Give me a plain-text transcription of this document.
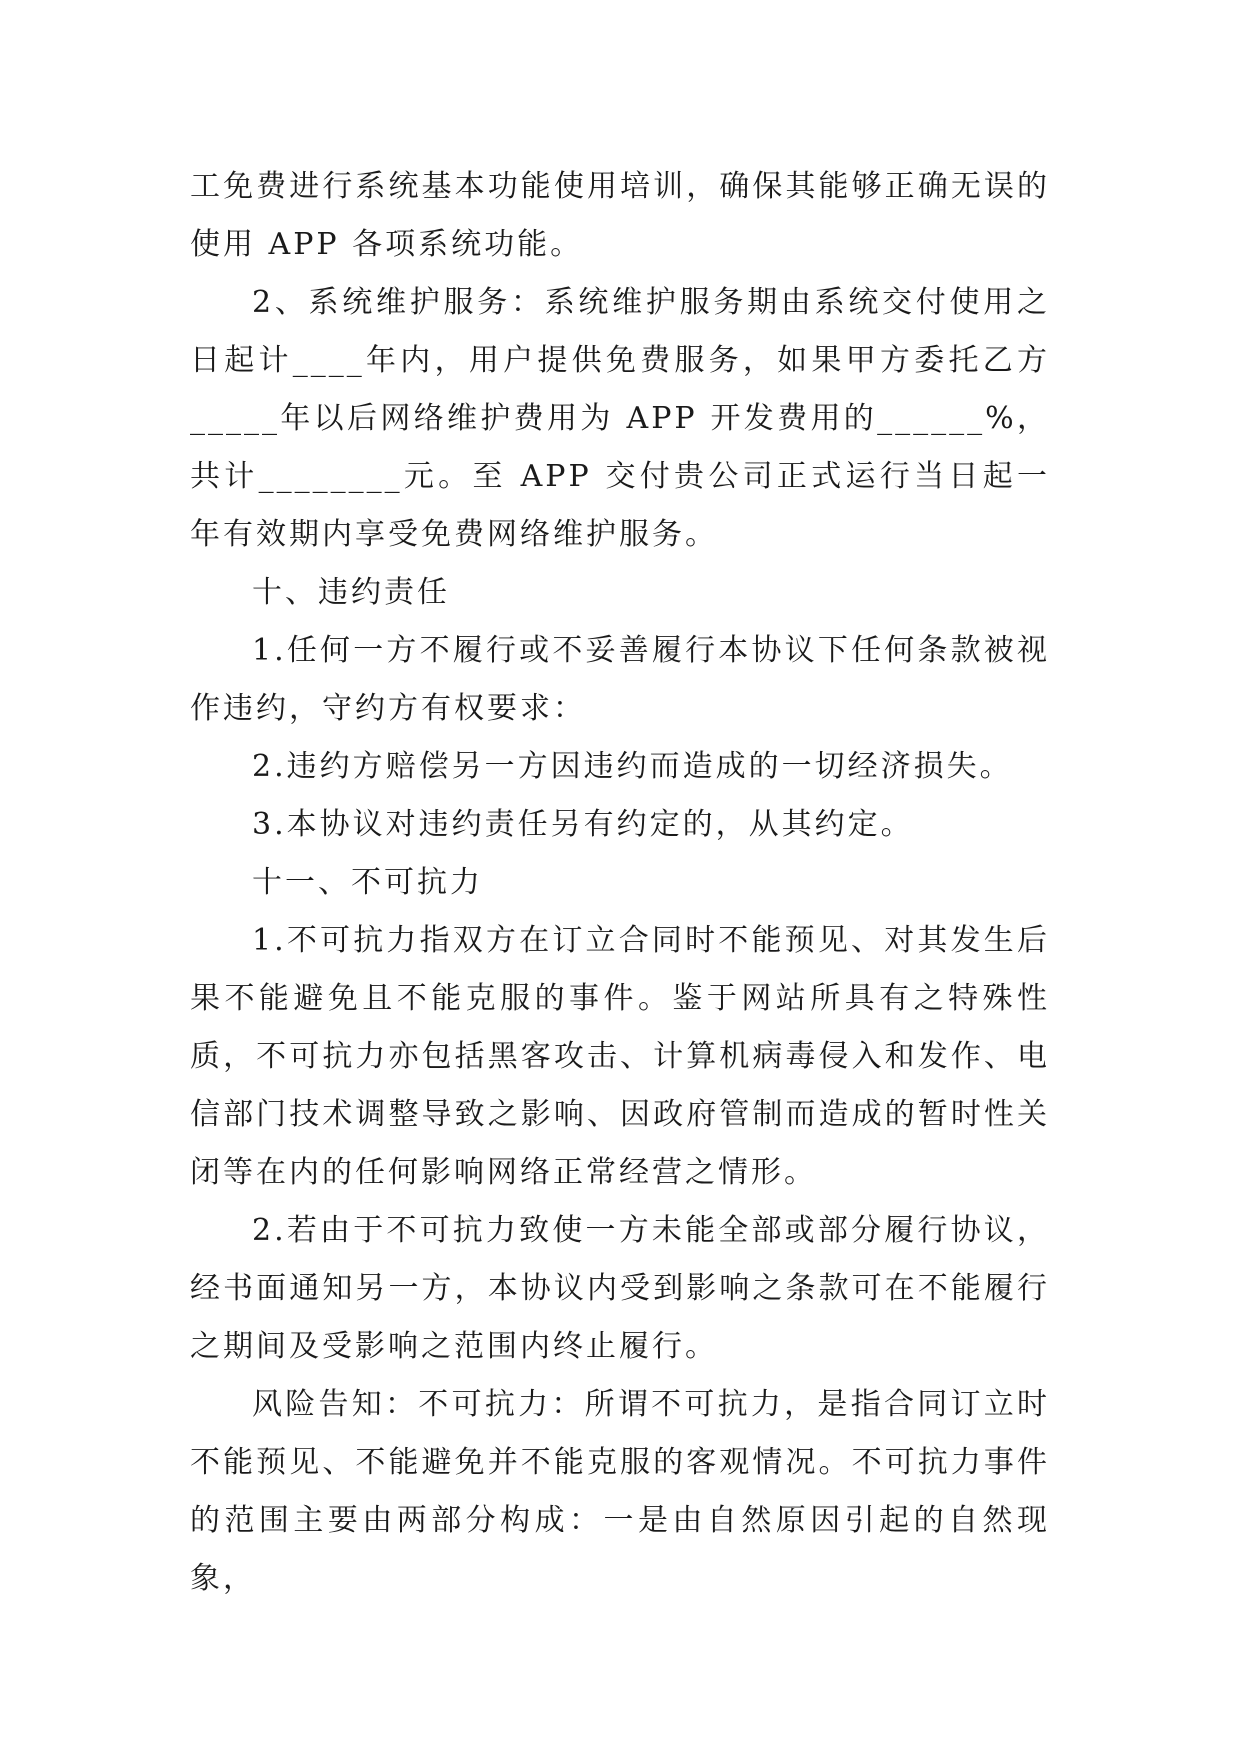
工免费进行系统基本功能使用培训，确保其能够正确无误的使用 APP 各项系统功能。

2、系统维护服务：系统维护服务期由系统交付使用之日起计____年内，用户提供免费服务，如果甲方委托乙方_____年以后网络维护费用为 APP 开发费用的______%，共计________元。至 APP 交付贵公司正式运行当日起一年有效期内享受免费网络维护服务。

十、违约责任

1.任何一方不履行或不妥善履行本协议下任何条款被视作违约，守约方有权要求：

2.违约方赔偿另一方因违约而造成的一切经济损失。

3.本协议对违约责任另有约定的，从其约定。

十一、不可抗力

1.不可抗力指双方在订立合同时不能预见、对其发生后果不能避免且不能克服的事件。鉴于网站所具有之特殊性质，不可抗力亦包括黑客攻击、计算机病毒侵入和发作、电信部门技术调整导致之影响、因政府管制而造成的暂时性关闭等在内的任何影响网络正常经营之情形。

2.若由于不可抗力致使一方未能全部或部分履行协议，经书面通知另一方，本协议内受到影响之条款可在不能履行之期间及受影响之范围内终止履行。

风险告知：不可抗力：所谓不可抗力，是指合同订立时不能预见、不能避免并不能克服的客观情况。不可抗力事件的范围主要由两部分构成：一是由自然原因引起的自然现象，
